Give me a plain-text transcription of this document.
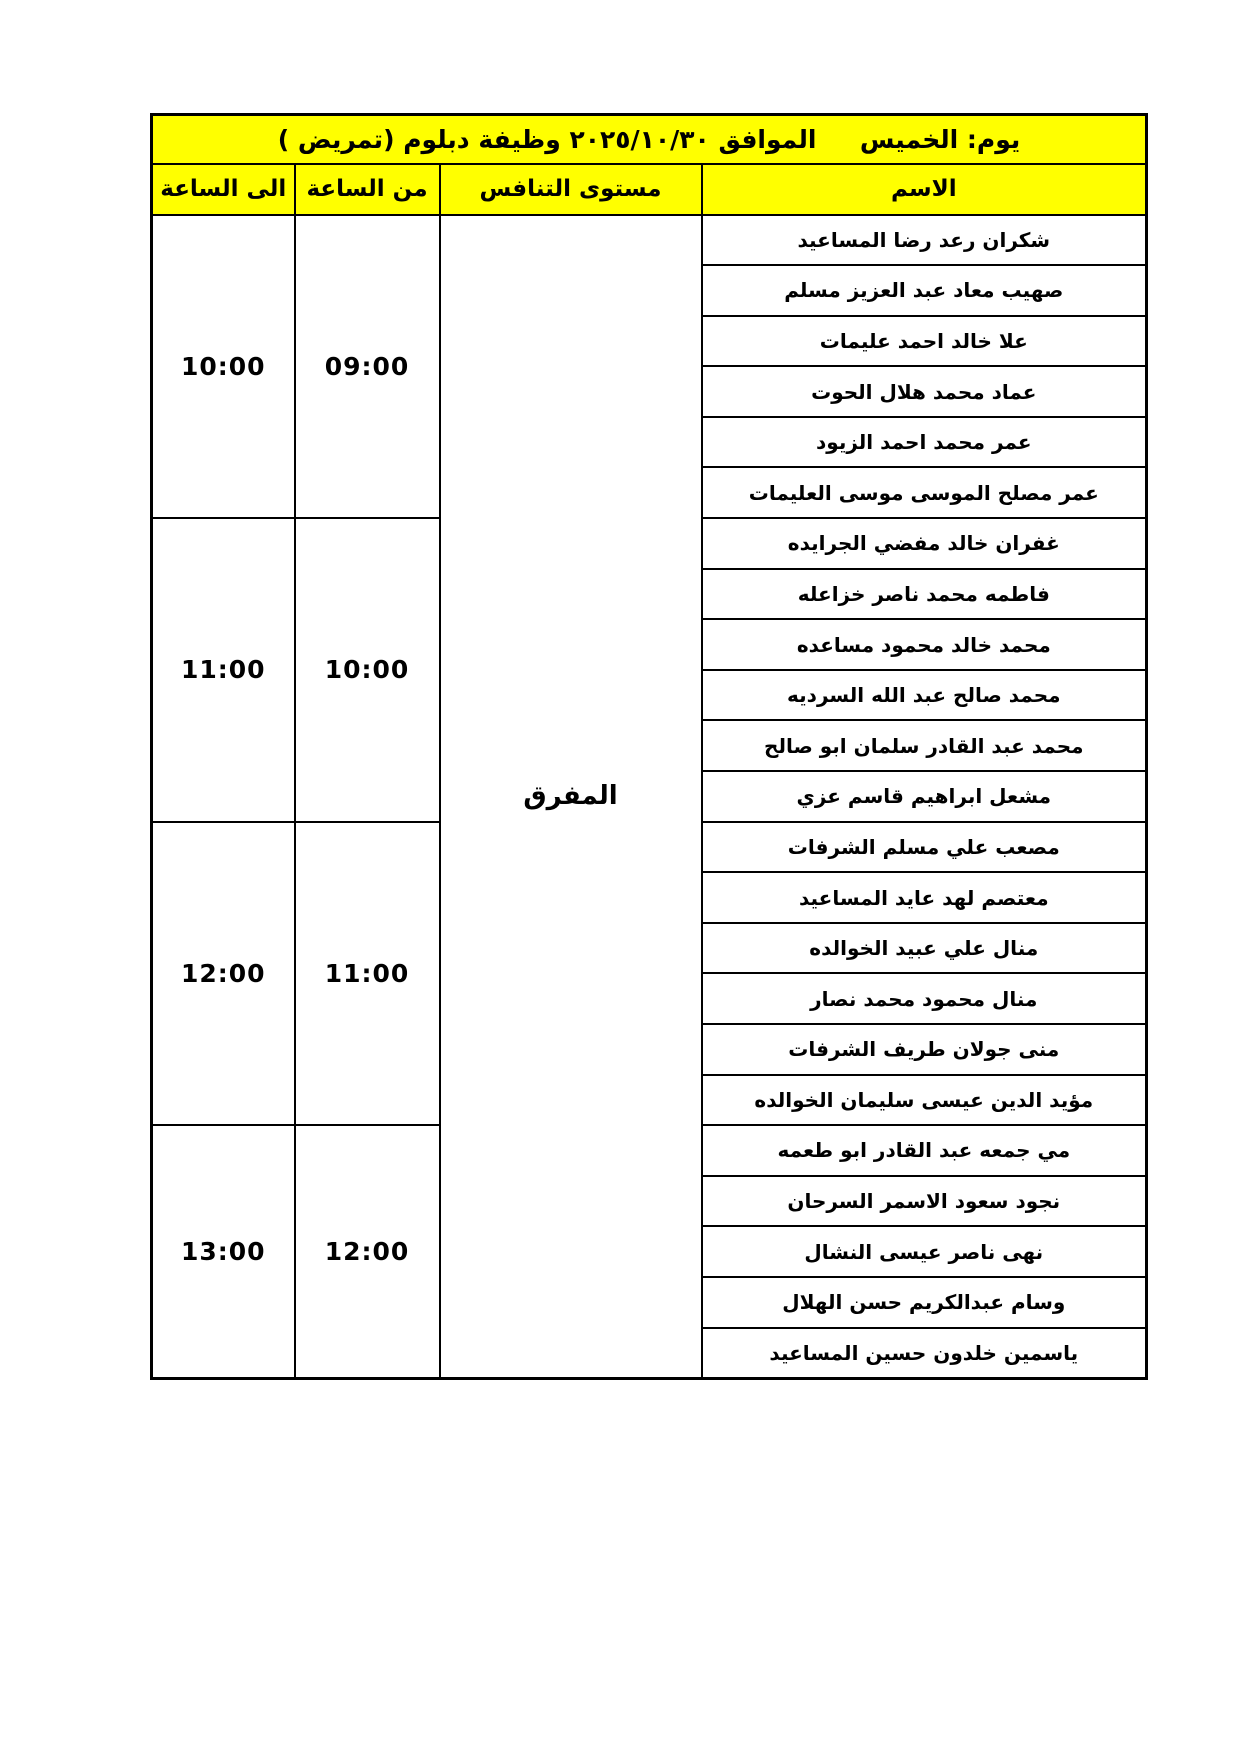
يوم: الخميس     الموافق ٢٠٢٥/١٠/٣٠ وظيفة دبلوم (تمريض )			
الاسم	مستوى التنافس	من الساعة	الى الساعة
شكران رعد رضا المساعيد	المفرق	09:00	10:00
صهيب معاد عبد العزيز مسلم			
علا خالد احمد عليمات			
عماد محمد هلال الحوت			
عمر محمد احمد الزيود			
عمر مصلح الموسى موسى العليمات			
غفران خالد مفضي الجرايده		10:00	11:00
فاطمه محمد ناصر خزاعله			
محمد خالد محمود مساعده			
محمد صالح عبد الله السرديه			
محمد عبد القادر سلمان ابو صالح			
مشعل ابراهيم قاسم عزي			
مصعب علي مسلم الشرفات		11:00	12:00
معتصم لهد عايد المساعيد			
منال علي عبيد الخوالده			
منال محمود محمد نصار			
منى جولان طريف الشرفات			
مؤيد الدين عيسى سليمان الخوالده			
مي جمعه عبد القادر ابو طعمه		12:00	13:00
نجود سعود الاسمر السرحان			
نهى ناصر عيسى النشال			
وسام عبدالكريم حسن الهلال			
ياسمين خلدون حسين المساعيد			
